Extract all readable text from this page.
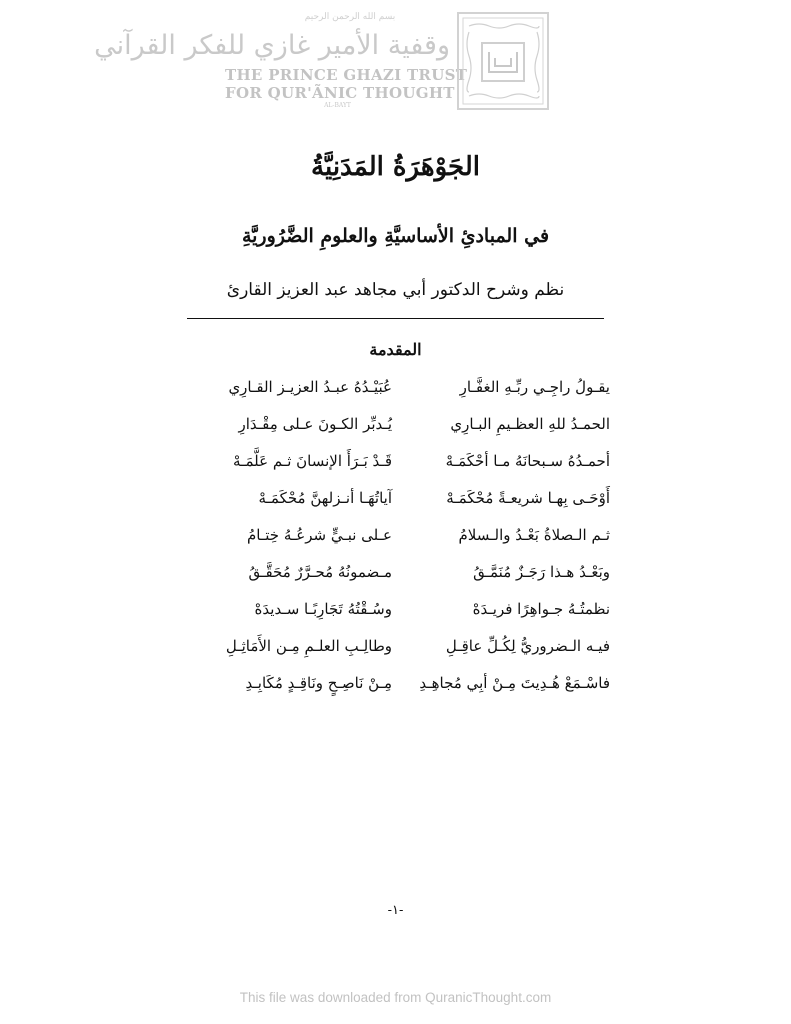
بسم الله الرحمن الرحيم
وقفية الأمير غازي للفكر القرآني
THE PRINCE GHAZI TRUST
FOR QUR'ÃNIC THOUGHT
AL-BAYT
الجَوْهَرَةُ المَدَنِيَّةُ
في المبادئِ الأساسيَّةِ والعلومِ الضَّرُوريَّةِ
نظم وشرح الدكتور أبي مجاهد عبد العزيز القارئ
المقدمة
يقـولُ راجِـي ربِّـهِ الغفَّـارِ
عُبَيْـدُهُ عبـدُ العزيـز القـارِي
الحمـدُ للهِ العظـيمِ البـارِي
يُـدبِّر الكـونَ عـلى مِقْـدَارِ
أحمـدُهُ سـبحانَهُ مـا أحْكَمَـهْ
قَـدْ بَـرَأَ الإنسانَ ثـم عَلَّمَـهْ
أَوْحَـى بِهـا شريعـةً مُحْكَمَـهْ
آياتُهَـا أنـزلهنَّ مُحْكَمَـهْ
ثـم الـصلاةُ بَعْـدُ والـسلامُ
عـلى نبـيٍّ شرعُـهُ خِتـامُ
وبَعْـدُ هـذا رَجَـزٌ مُنَمَّـقُ
مـضمونُهُ مُحـرَّرٌ مُحَقَّـقُ
نظمتُـهُ جـواهِرًا فريـدَهْ
وسُـقْتُهُ تَجَارِبًـا سـديدَهْ
فيـه الـضروريُّ لِكُـلِّ عاقِـلِ
وطالِـبِ العلـمِ مِـن الأَمَاثِـلِ
فاسْـمَعْ هُـدِيتَ مِـنْ أبِي مُجاهِـدِ
مِـنْ نَاصِـحٍ ونَاقِـدٍ مُكَابِـدِ
-١-
This file was downloaded from QuranicThought.com
